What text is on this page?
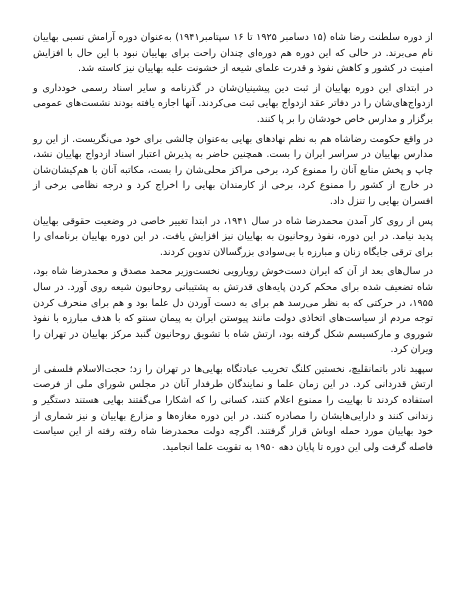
از دوره سلطنت رضا شاه (۱۵ دسامبر ۱۹۲۵ تا ۱۶ سپتامبر۱۹۴۱) به‌عنوان دوره آرامش نسبی بهاییان نام می‌برند. در حالی که این دوره هم دوره‌ای چندان راحت برای بهاییان نبود با این حال با افزایش امنیت در کشور و کاهش نفوذ و قدرت علمای شیعه از خشونت علیه بهاییان نیز کاسته شد.

در ابتدای این دوره بهاییان از ثبت دین پیشینیان‌شان در گذرنامه و سایر اسناد رسمی خودداری و ازدواج‌های‌شان را در دفاتر عقد ازدواج بهایی ثبت می‌کردند. آنها اجازه یافته بودند نشست‌های عمومی برگزار و مدارس خاص خودشان را بر پا کنند.

در واقع حکومت رضاشاه هم به نظم نهادهای بهایی به‌عنوان چالشی برای خود می‌نگریست. از این رو مدارس بهاییان در سراسر ایران را بست. همچنین حاضر به پذیرش اعتبار اسناد ازدواج بهاییان نشد، چاپ و پخش منابع آنان را ممنوع کرد، برخی مراکز محلی‌شان را بست، مکاتبه آنان با هم‌کیشان‌شان در خارج از کشور را ممنوع کرد، برخی از کارمندان بهایی را اخراج کرد و درجه نظامی برخی از افسران بهایی را تنزل داد.

پس از روی کار آمدن محمدرضا شاه در سال ۱۹۴۱، در ابتدا تغییر خاصی در وضعیت حقوقی بهاییان پدید نیامد. در این دوره، نفوذ روحانیون به بهاییان نیز افزایش یافت. در این دوره بهاییان برنامه‌ای را برای ترقی جایگاه زنان و مبارزه با بی‌سوادی بزرگسالان تدوین کردند.

در سال‌های بعد از آن که ایران دست‌خوش رویارویی نخست‌وزیر محمد مصدق و محمدرضا شاه بود، شاه تضعیف شده برای محکم کردن پایه‌های قدرتش به پشتیبانی روحانیون شیعه روی آورد. در سال ۱۹۵۵، در حرکتی که به نظر می‌رسد هم برای به دست آوردن دل علما بود و هم برای منحرف کردن توجه مردم از سیاست‌های اتخاذی دولت مانند پیوستن ایران به پیمان سنتو که با هدف مبارزه با نفوذ شوروی و مارکسیسم شکل گرفته بود، ارتش شاه با تشویق روحانیون گنبد مرکز بهاییان در تهران را ویران کرد.

سپهبد نادر باتمانقلیچ، نخستین کلنگ تخریب عبادتگاه بهایی‌ها در تهران را زد؛ حجت‌الاسلام فلسفی از ارتش قدردانی کرد. در این زمان علما و نمایندگان طرفدار آنان در مجلس شورای ملی از فرصت استفاده کردند تا بهاییت را ممنوع اعلام کنند، کسانی را که اشکارا می‌گفتند بهایی هستند دستگیر و زندانی کنند و دارایی‌هایشان را مصادره کنند. در این دوره مغازه‌ها و مزارع بهاییان و نیز شماری از خود بهاییان مورد حمله اوباش قرار گرفتند. اگرچه دولت محمدرضا شاه رفته رفته از این سیاست فاصله گرفت ولی این دوره تا پایان دهه ۱۹۵۰ به تقویت علما انجامید.
